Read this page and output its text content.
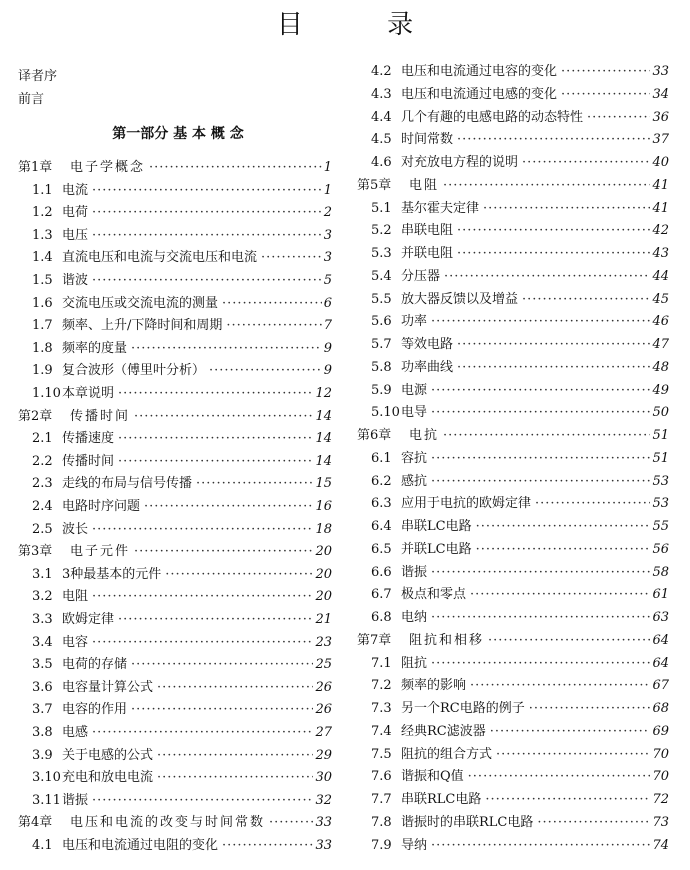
目 录
译者序
前言
第一部分 基 本 概 念
第1章	电子学概念 ·····	1
1.1 电流 ·····	1
1.2 电荷 ·····	2
1.3 电压 ·····	3
1.4 直流电压和电流与交流电压和电流 ·····	3
1.5 谐波 ·····	5
1.6 交流电压或交流电流的测量 ·····	6
1.7 频率、上升/下降时间和周期 ·····	7
1.8 频率的度量 ·····	9
1.9 复合波形（傅里叶分析） ·····	9
1.10 本章说明 ·····	12
第2章	传播时间 ·····	14
2.1 传播速度 ·····	14
2.2 传播时间 ·····	14
2.3 走线的布局与信号传播 ·····	15
2.4 电路时序问题 ·····	16
2.5 波长 ·····	18
第3章	电子元件 ·····	20
3.1 3种最基本的元件 ·····	20
3.2 电阻 ·····	20
3.3 欧姆定律 ·····	21
3.4 电容 ·····	23
3.5 电荷的存储 ·····	25
3.6 电容量计算公式 ·····	26
3.7 电容的作用 ·····	26
3.8 电感 ·····	27
3.9 关于电感的公式 ·····	29
3.10 充电和放电电流 ·····	30
3.11 谐振 ·····	32
第4章	电压和电流的改变与时间常数 ·····	33
4.1 电压和电流通过电阻的变化 ·····	33
4.2 电压和电流通过电容的变化 ·····	33
4.3 电压和电流通过电感的变化 ·····	34
4.4 几个有趣的电感电路的动态特性 ·····	36
4.5 时间常数 ·····	37
4.6 对充放电方程的说明 ·····	40
第5章	电阻 ·····	41
5.1 基尔霍夫定律 ·····	41
5.2 串联电阻 ·····	42
5.3 并联电阻 ·····	43
5.4 分压器 ·····	44
5.5 放大器反馈以及增益 ·····	45
5.6 功率 ·····	46
5.7 等效电路 ·····	47
5.8 功率曲线 ·····	48
5.9 电源 ·····	49
5.10 电导 ·····	50
第6章	电抗 ·····	51
6.1 容抗 ·····	51
6.2 感抗 ·····	53
6.3 应用于电抗的欧姆定律 ·····	53
6.4 串联LC电路 ·····	55
6.5 并联LC电路 ·····	56
6.6 谐振 ·····	58
6.7 极点和零点 ·····	61
6.8 电纳 ·····	63
第7章	阻抗和相移 ·····	64
7.1 阻抗 ·····	64
7.2 频率的影响 ·····	67
7.3 另一个RC电路的例子 ·····	68
7.4 经典RC滤波器 ·····	69
7.5 阻抗的组合方式 ·····	70
7.6 谐振和Q值 ·····	70
7.7 串联RLC电路 ·····	72
7.8 谐振时的串联RLC电路 ·····	73
7.9 导纳 ·····	74
